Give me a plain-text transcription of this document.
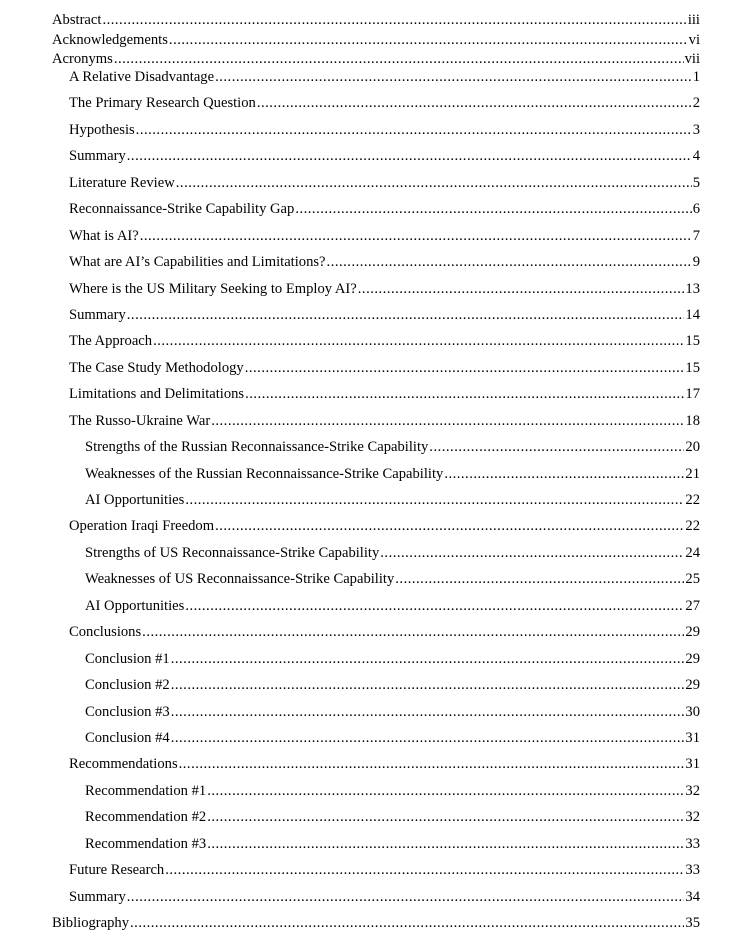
Abstract .....	iii
Acknowledgements .....	vi
Acronyms .....	vii
A Relative Disadvantage .....	1
The Primary Research Question .....	2
Hypothesis .....	3
Summary .....	4
Literature Review .....	5
Reconnaissance-Strike Capability Gap .....	6
What is AI? .....	7
What are AI’s Capabilities and Limitations? .....	9
Where is the US Military Seeking to Employ AI? .....	13
Summary .....	14
The Approach .....	15
The Case Study Methodology .....	15
Limitations and Delimitations .....	17
The Russo-Ukraine War .....	18
Strengths of the Russian Reconnaissance-Strike Capability .....	20
Weaknesses of the Russian Reconnaissance-Strike Capability .....	21
AI Opportunities .....	22
Operation Iraqi Freedom .....	22
Strengths of US Reconnaissance-Strike Capability .....	24
Weaknesses of US Reconnaissance-Strike Capability .....	25
AI Opportunities .....	27
Conclusions .....	29
Conclusion #1 .....	29
Conclusion #2 .....	29
Conclusion #3 .....	30
Conclusion #4 .....	31
Recommendations .....	31
Recommendation #1 .....	32
Recommendation #2 .....	32
Recommendation #3 .....	33
Future Research .....	33
Summary .....	34
Bibliography .....	35
